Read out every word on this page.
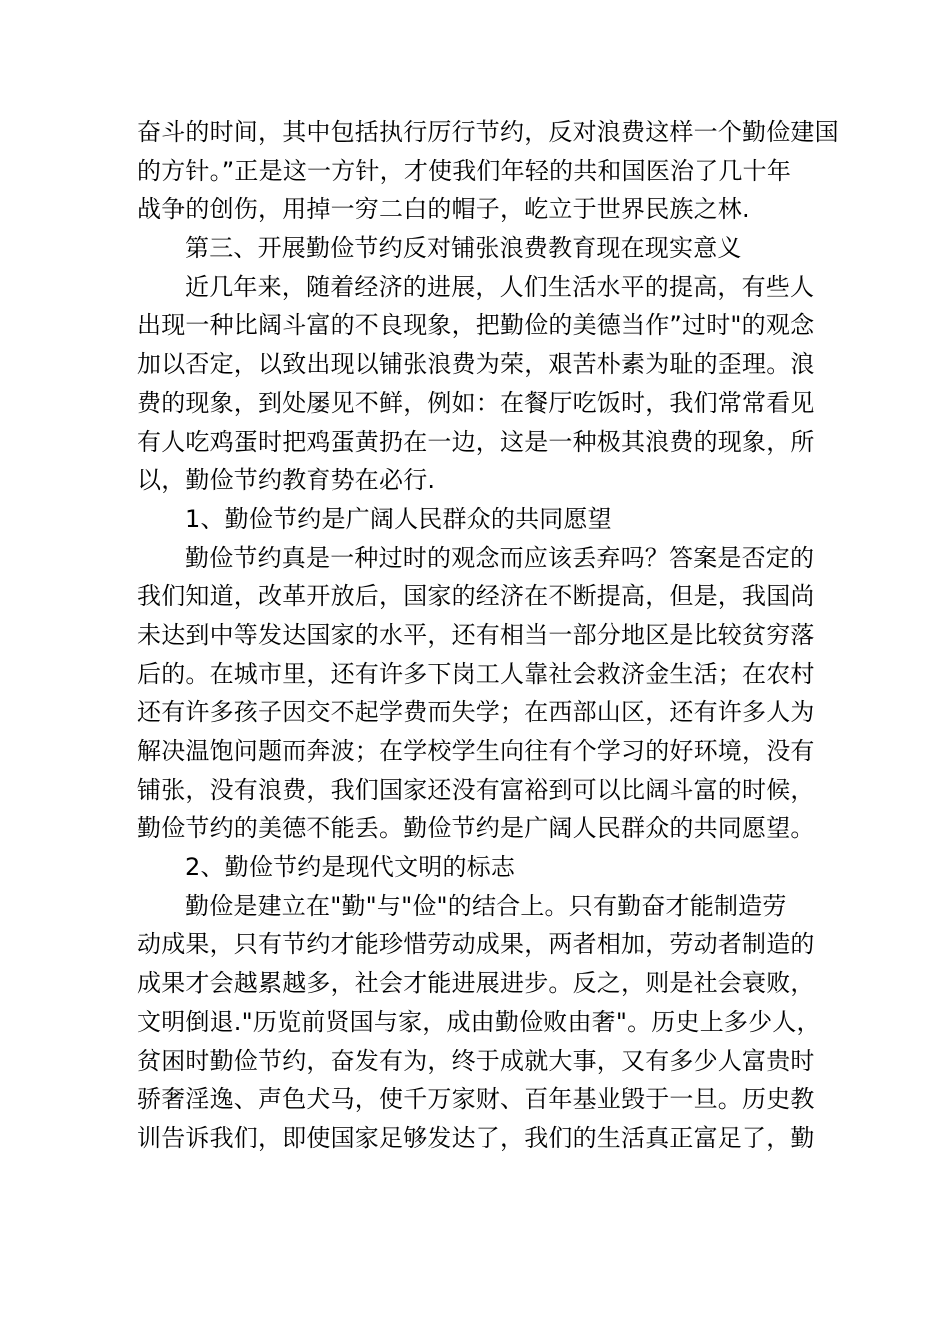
奋斗的时间，其中包括执行厉行节约，反对浪费这样一个勤俭建国
的方针。”正是这一方针，才使我们年轻的共和国医治了几十年
战争的创伤，用掉一穷二白的帽子，屹立于世界民族之林.
第三、开展勤俭节约反对铺张浪费教育现在现实意义
近几年来，随着经济的进展，人们生活水平的提高，有些人
出现一种比阔斗富的不良现象，把勤俭的美德当作”过时"的观念
加以否定，以致出现以铺张浪费为荣，艰苦朴素为耻的歪理。浪
费的现象，到处屡见不鲜，例如：在餐厅吃饭时，我们常常看见
有人吃鸡蛋时把鸡蛋黄扔在一边，这是一种极其浪费的现象，所
以，勤俭节约教育势在必行.
1、勤俭节约是广阔人民群众的共同愿望
勤俭节约真是一种过时的观念而应该丢弃吗？答案是否定的
我们知道，改革开放后，国家的经济在不断提高，但是，我国尚
未达到中等发达国家的水平，还有相当一部分地区是比较贫穷落
后的。在城市里，还有许多下岗工人靠社会救济金生活；在农村
还有许多孩子因交不起学费而失学；在西部山区，还有许多人为
解决温饱问题而奔波；在学校学生向往有个学习的好环境，没有
铺张，没有浪费，我们国家还没有富裕到可以比阔斗富的时候，
勤俭节约的美德不能丢。勤俭节约是广阔人民群众的共同愿望。
2、勤俭节约是现代文明的标志
勤俭是建立在"勤"与"俭"的结合上。只有勤奋才能制造劳
动成果，只有节约才能珍惜劳动成果，两者相加，劳动者制造的
成果才会越累越多，社会才能进展进步。反之，则是社会衰败，
文明倒退."历览前贤国与家，成由勤俭败由奢"。历史上多少人，
贫困时勤俭节约，奋发有为，终于成就大事，又有多少人富贵时
骄奢淫逸、声色犬马，使千万家财、百年基业毁于一旦。历史教
训告诉我们，即使国家足够发达了，我们的生活真正富足了，勤
